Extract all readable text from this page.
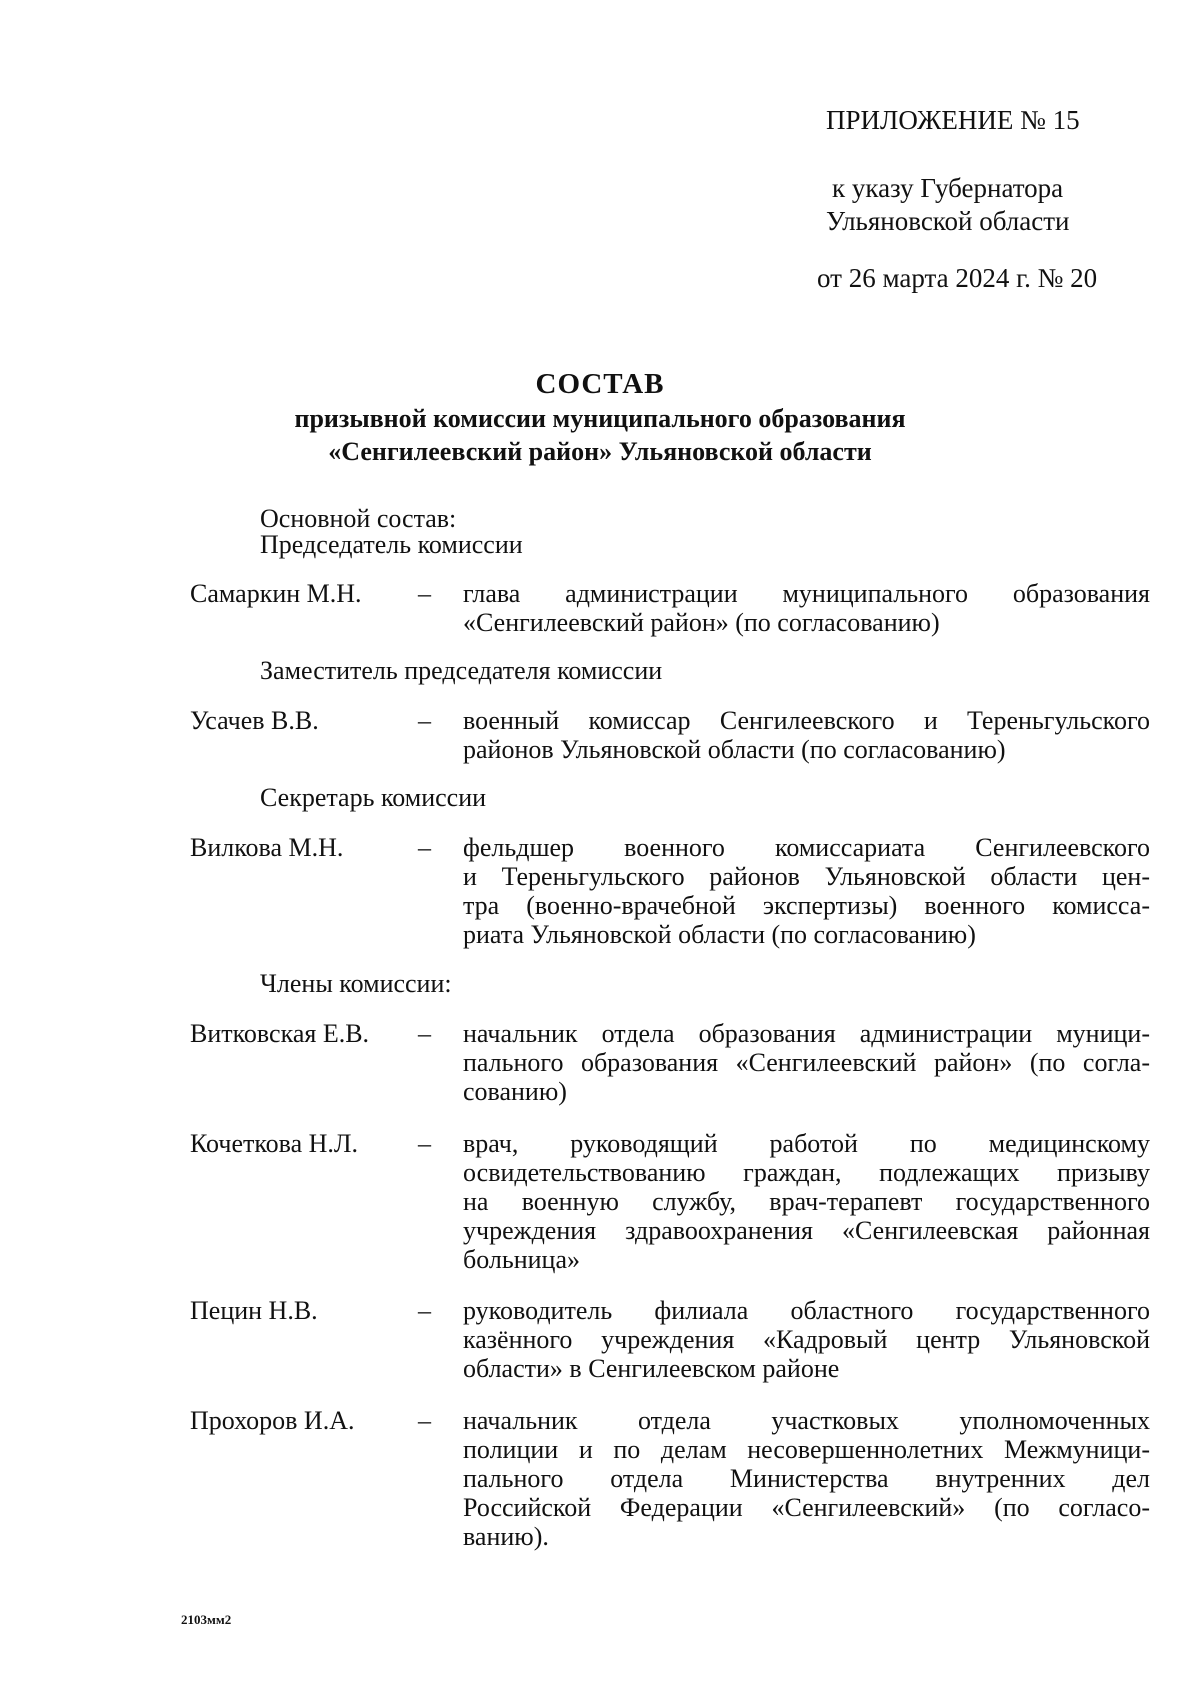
ПРИЛОЖЕНИЕ № 15
к указу Губернатора
Ульяновской области
от 26 марта 2024 г. № 20
СОСТАВ
призывной комиссии муниципального образования
«Сенгилеевский район» Ульяновской области
Основной состав:
Председатель комиссии
Самаркин М.Н. – глава администрации муниципального образования
«Сенгилеевский район» (по согласованию)
Заместитель председателя комиссии
Усачев В.В.	– военный комиссар Сенгилеевского и Тереньгульского
районов Ульяновской области (по согласованию)
Секретарь комиссии
Вилкова М.Н.	– фельдшер военного комиссариата Сенгилеевского
и Тереньгульского районов Ульяновской области цен-
тра (военно-врачебной экспертизы) военного комисса-
риата Ульяновской области (по согласованию)
Члены комиссии:
Витковская Е.В. – начальник отдела образования администрации муници-
пального образования «Сенгилеевский район» (по согла-
сованию)
Кочеткова Н.Л. – врач, руководящий работой по медицинскому
освидетельствованию граждан, подлежащих призыву
на военную службу, врач-терапевт государственного
учреждения здравоохранения «Сенгилеевская районная
больница»
Пецин Н.В.	– руководитель филиала областного государственного
казённого учреждения «Кадровый центр Ульяновской
области» в Сенгилеевском районе
Прохоров И.А. – начальник отдела участковых уполномоченных
полиции и по делам несовершеннолетних Межмуници-
пального отдела Министерства внутренних дел
Российской Федерации «Сенгилеевский» (по согласо-
ванию).
2103мм2
